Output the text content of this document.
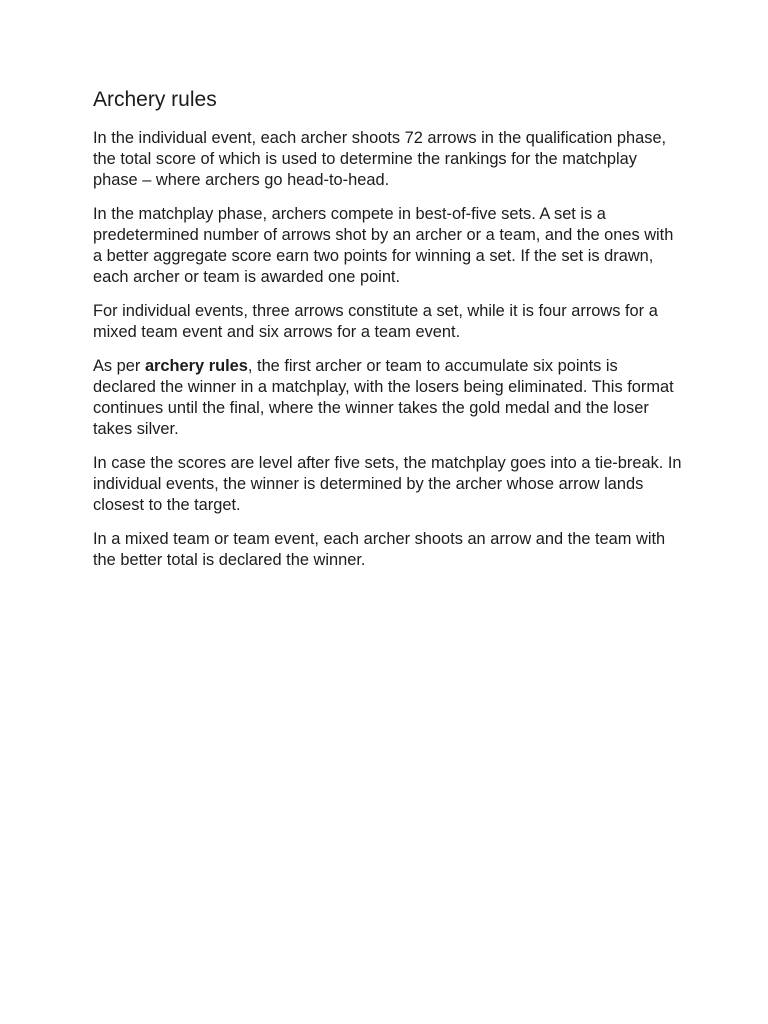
Archery rules

In the individual event, each archer shoots 72 arrows in the qualification phase, the total score of which is used to determine the rankings for the matchplay phase – where archers go head-to-head.

In the matchplay phase, archers compete in best-of-five sets. A set is a predetermined number of arrows shot by an archer or a team, and the ones with a better aggregate score earn two points for winning a set. If the set is drawn, each archer or team is awarded one point.

For individual events, three arrows constitute a set, while it is four arrows for a mixed team event and six arrows for a team event.

As per archery rules, the first archer or team to accumulate six points is declared the winner in a matchplay, with the losers being eliminated. This format continues until the final, where the winner takes the gold medal and the loser takes silver.

In case the scores are level after five sets, the matchplay goes into a tie-break. In individual events, the winner is determined by the archer whose arrow lands closest to the target.

In a mixed team or team event, each archer shoots an arrow and the team with the better total is declared the winner.
